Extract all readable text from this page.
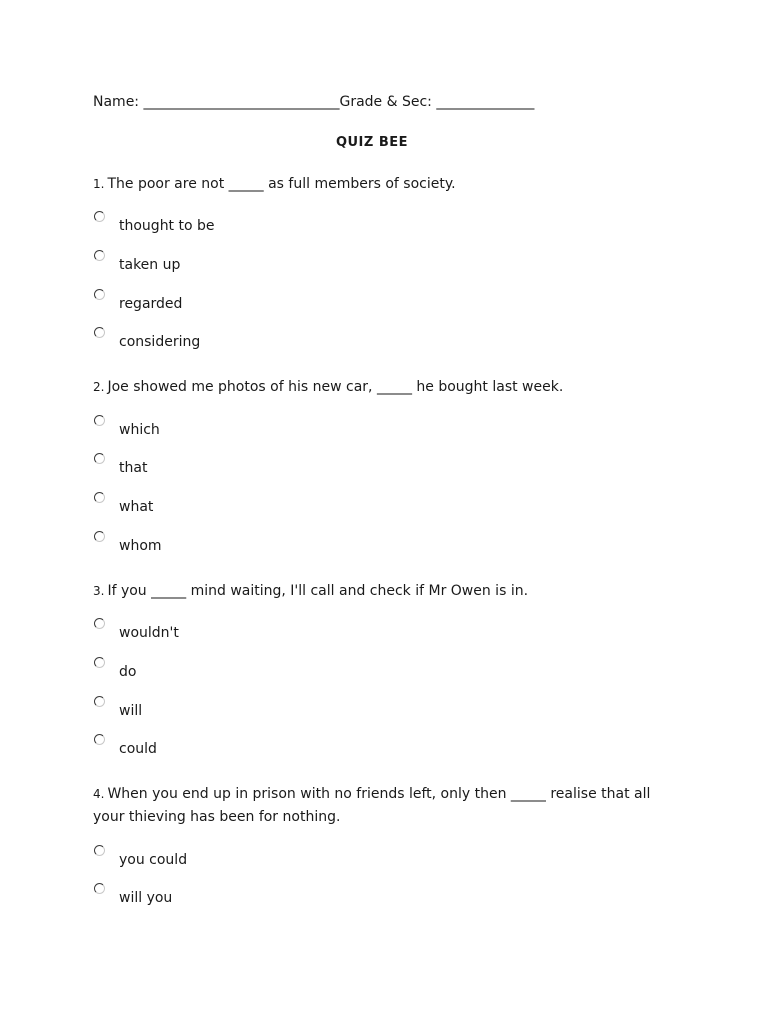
Name: ____________________________Grade & Sec: ______________
QUIZ BEE
1. The poor are not _____ as full members of society.
thought to be
taken up
regarded
considering
2. Joe showed me photos of his new car, _____ he bought last week.
which
that
what
whom
3. If you _____ mind waiting, I'll call and check if Mr Owen is in.
wouldn't
do
will
could
4. When you end up in prison with no friends left, only then _____ realise that all your thieving has been for nothing.
you could
will you
